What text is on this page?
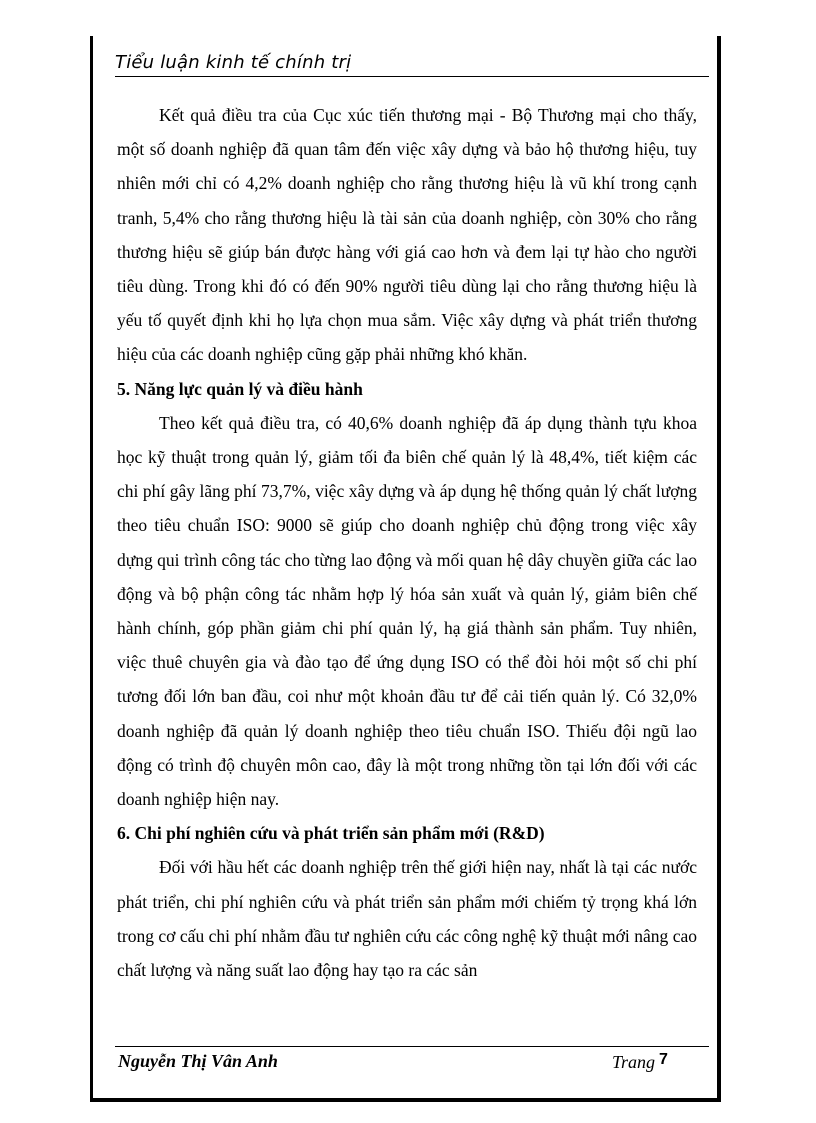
Tiểu luận kinh tế chính trị

Kết quả điều tra của Cục xúc tiến thương mại - Bộ Thương mại cho thấy, một số doanh nghiệp đã quan tâm đến việc xây dựng và bảo hộ thương hiệu, tuy nhiên mới chỉ có 4,2% doanh nghiệp cho rằng thương hiệu là vũ khí trong cạnh tranh, 5,4% cho rằng thương hiệu là tài sản của doanh nghiệp, còn 30% cho rằng thương hiệu sẽ giúp bán được hàng với giá cao hơn và đem lại tự hào cho người tiêu dùng. Trong khi đó có đến 90% người tiêu dùng lại cho rằng thương hiệu là yếu tố quyết định khi họ lựa chọn mua sắm. Việc xây dựng và phát triển thương hiệu của các doanh nghiệp cũng gặp phải những khó khăn.

5. Năng lực quản lý và điều hành

Theo kết quả điều tra, có 40,6% doanh nghiệp đã áp dụng thành tựu khoa học kỹ thuật trong quản lý, giảm tối đa biên chế quản lý là 48,4%, tiết kiệm các chi phí gây lãng phí 73,7%, việc xây dựng và áp dụng hệ thống quản lý chất lượng theo tiêu chuẩn ISO: 9000 sẽ giúp cho doanh nghiệp chủ động trong việc xây dựng qui trình công tác cho từng lao động và mối quan hệ dây chuyền giữa các lao động và bộ phận công tác nhằm hợp lý hóa sản xuất và quản lý, giảm biên chế hành chính, góp phần giảm chi phí quản lý, hạ giá thành sản phẩm. Tuy nhiên, việc thuê chuyên gia và đào tạo để ứng dụng ISO có thể đòi hỏi một số chi phí tương đối lớn ban đầu, coi như một khoản đầu tư để cải tiến quản lý. Có 32,0% doanh nghiệp đã quản lý doanh nghiệp theo tiêu chuẩn ISO. Thiếu đội ngũ lao động có trình độ chuyên môn cao, đây là một trong những tồn tại lớn đối với các doanh nghiệp hiện nay.

6. Chi phí nghiên cứu và phát triển sản phẩm mới (R&D)

Đối với hầu hết các doanh nghiệp trên thế giới hiện nay, nhất là tại các nước phát triển, chi phí nghiên cứu và phát triển sản phẩm mới chiếm tỷ trọng khá lớn trong cơ cấu chi phí nhằm đầu tư nghiên cứu các công nghệ kỹ thuật mới nâng cao chất lượng và năng suất lao động hay tạo ra các sản

Nguyễn Thị Vân Anh	Trang 7
